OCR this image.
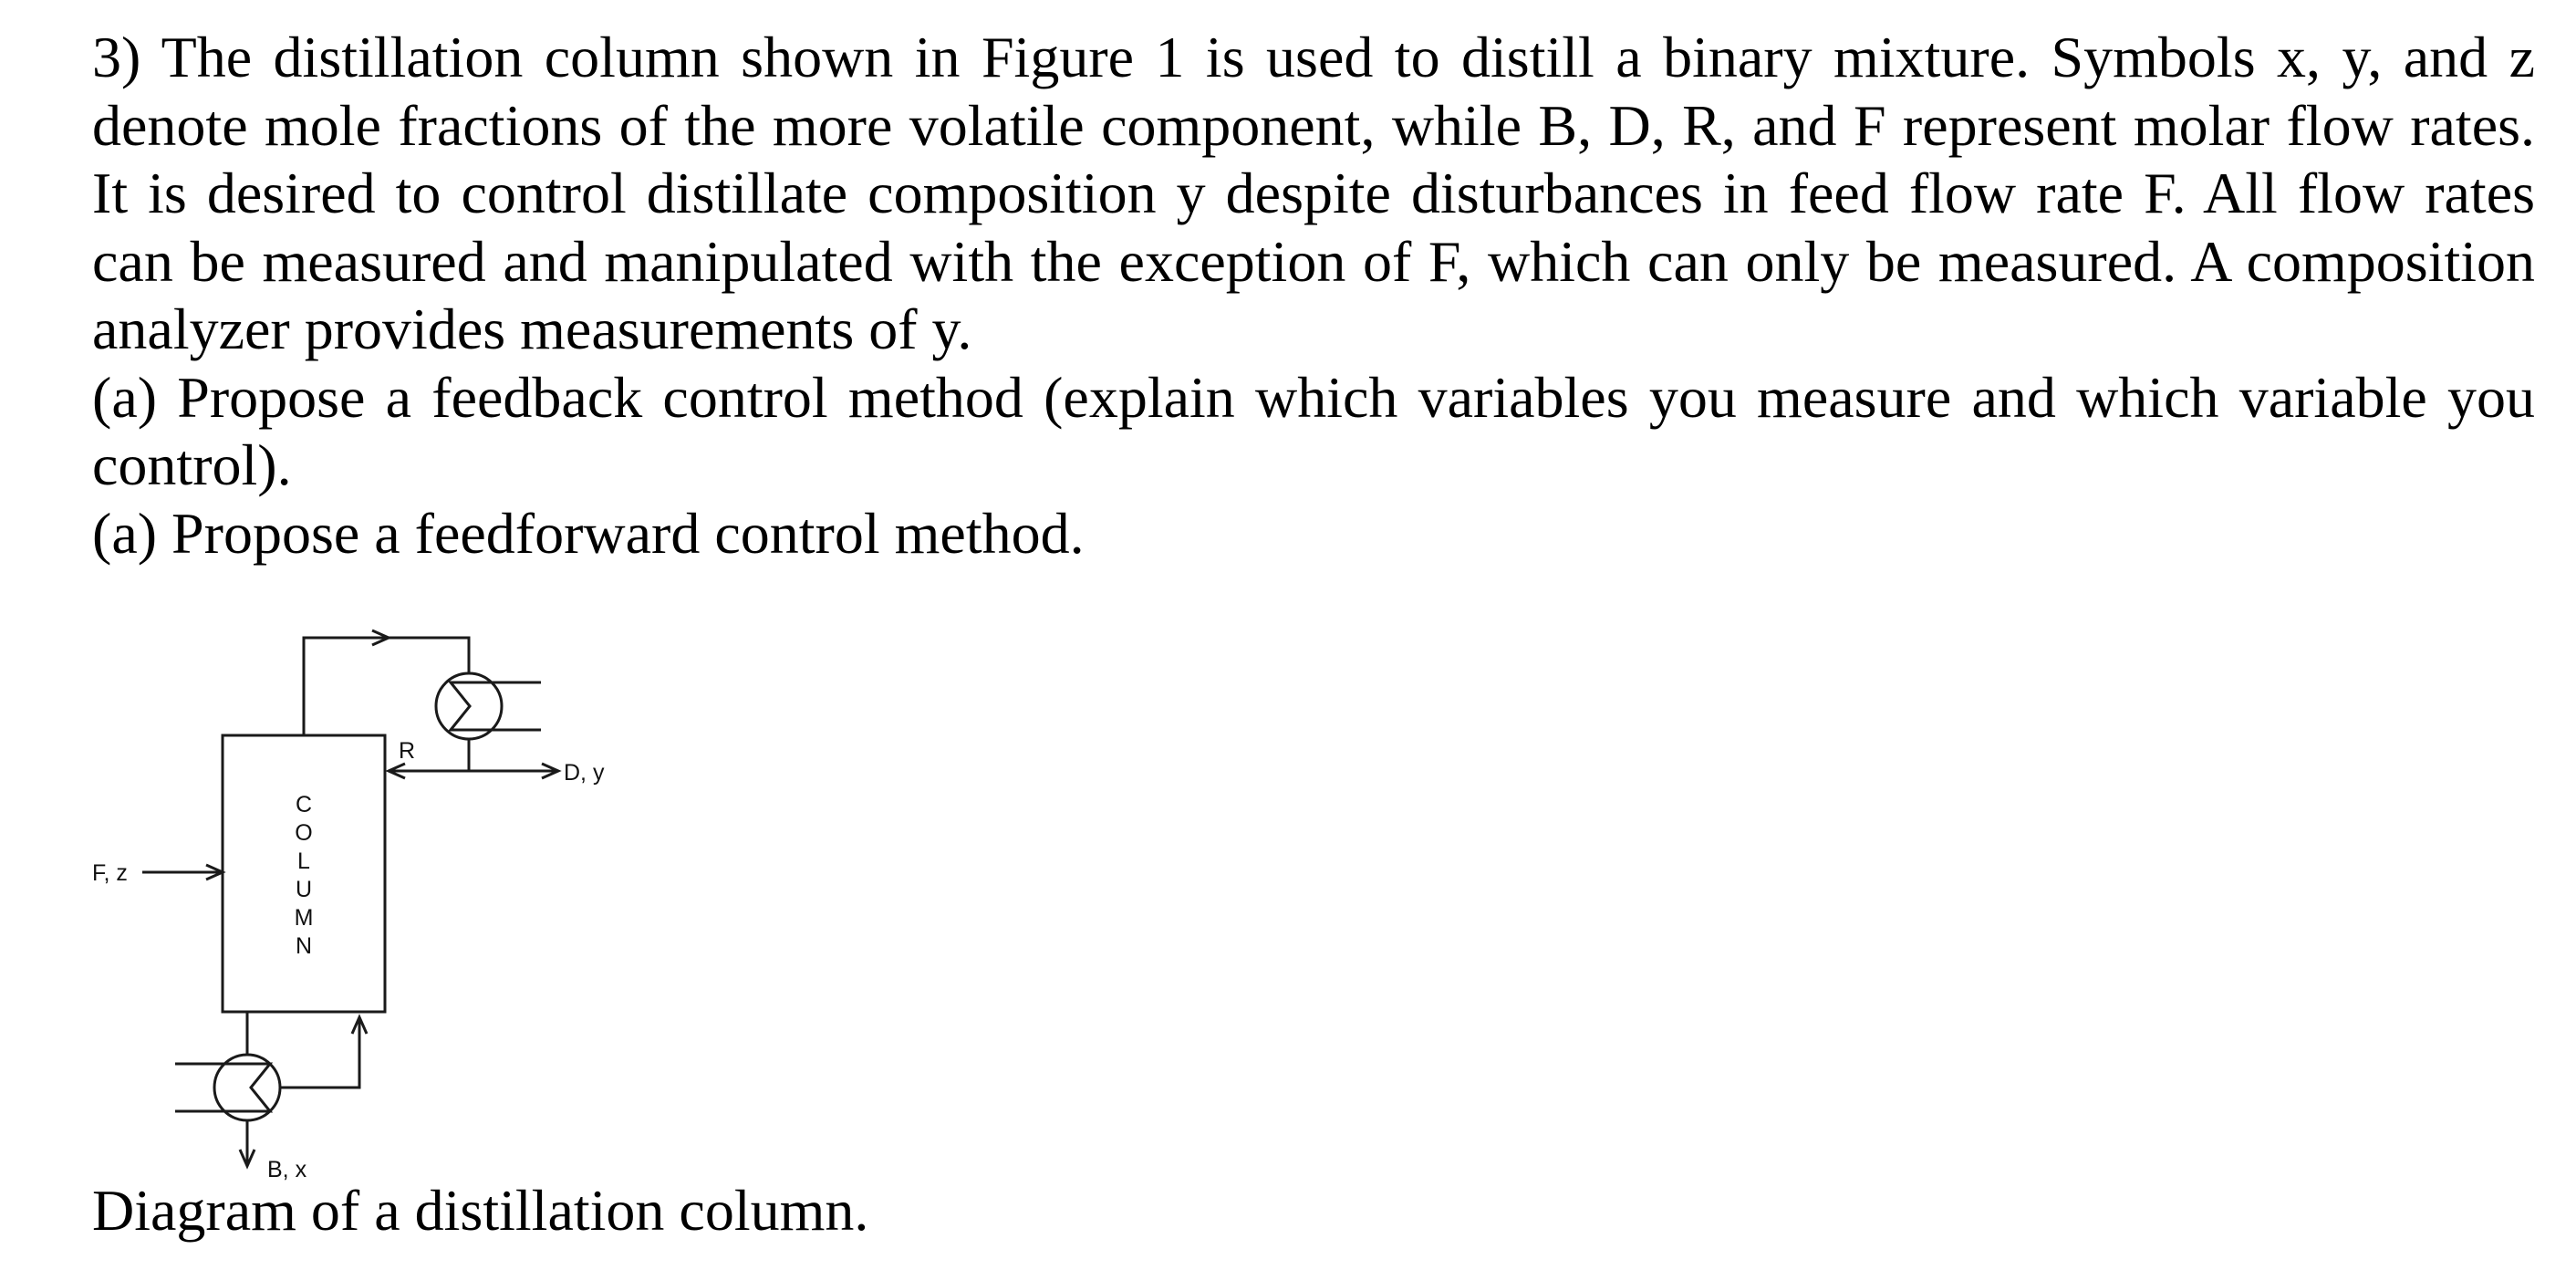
3) The distillation column shown in Figure 1 is used to distill a binary mixture. Symbols x, y, and z denote mole fractions of the more volatile component, while B, D, R, and F represent molar flow rates. It is desired to control distillate composition y despite disturbances in feed flow rate F. All flow rates can be measured and manipulated with the exception of F, which can only be measured. A composition analyzer provides measurements of y.

(a) Propose a feedback control method (explain which variables you measure and which variable you control).

(a) Propose a feedforward control method.

R
D, y
F, z
B, x
C
O
L
U
M
N
Diagram of a distillation column.
